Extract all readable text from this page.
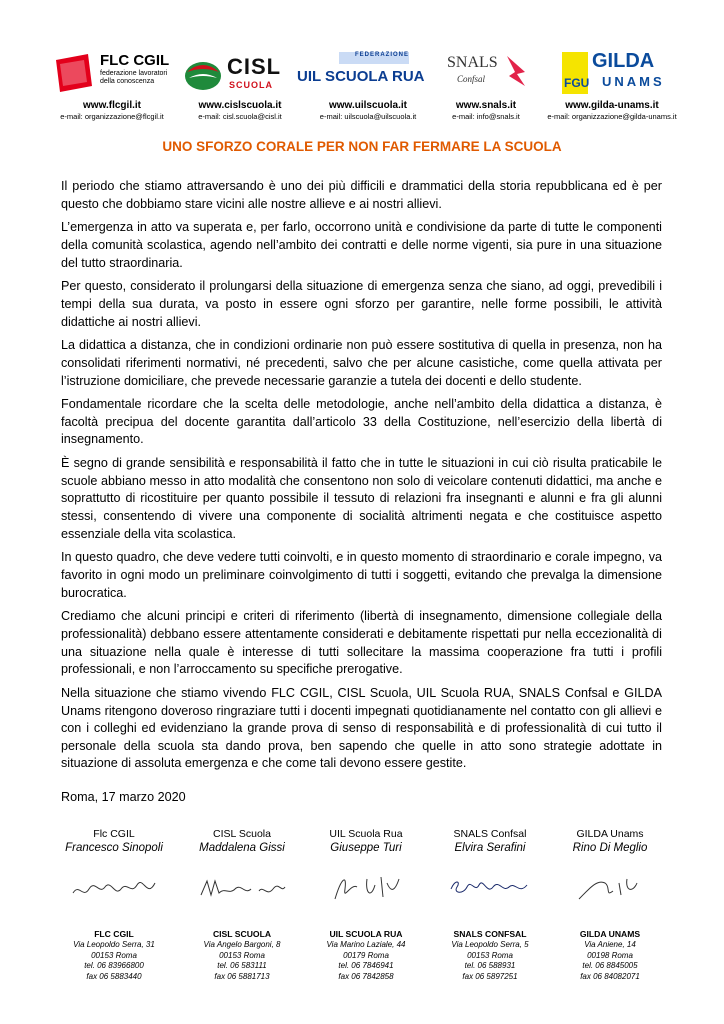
FLC CGIL
federazione lavoratori della conoscenza
CISL
SCUOLA
FEDERAZIONE
UIL SCUOLA RUA
SNALS
Confsal
GILDA
FGU UNAMS
www.flcgil.it
e-mail: organizzazione@flcgil.it
www.cislscuola.it
e-mail: cisl.scuola@cisl.it
www.uilscuola.it
e-mail: uilscuola@uilscuola.it
www.snals.it
e-mail: info@snals.it
www.gilda-unams.it
e-mail: organizzazione@gilda-unams.it
UNO SFORZO CORALE PER NON FAR FERMARE LA SCUOLA

Il periodo che stiamo attraversando è uno dei più difficili e drammatici della storia repubblicana ed è per questo che dobbiamo stare vicini alle nostre allieve e ai nostri allievi.

L’emergenza in atto va superata e, per farlo, occorrono unità e condivisione da parte di tutte le componenti della comunità scolastica, agendo nell’ambito dei contratti e delle norme vigenti, sia pure in una situazione del tutto straordinaria.

Per questo, considerato il prolungarsi della situazione di emergenza senza che siano, ad oggi, prevedibili i tempi della sua durata, va posto in essere ogni sforzo per garantire, nelle forme possibili, le attività didattiche ai nostri allievi.

La didattica a distanza, che in condizioni ordinarie non può essere sostitutiva di quella in presenza, non ha consolidati riferimenti normativi, né precedenti, salvo che per alcune casistiche, come quella attivata per l’istruzione domiciliare, che prevede necessarie garanzie a tutela dei docenti e dello studente.

Fondamentale ricordare che la scelta delle metodologie, anche nell’ambito della didattica a distanza, è facoltà precipua del docente garantita dall’articolo 33 della Costituzione, nell’esercizio della libertà di insegnamento.

È segno di grande sensibilità e responsabilità il fatto che in tutte le situazioni in cui ciò risulta praticabile le scuole abbiano messo in atto modalità che consentono non solo di veicolare contenuti didattici, ma anche e soprattutto di ricostituire per quanto possibile il tessuto di relazioni fra insegnanti e alunni e fra gli alunni stessi, consentendo di vivere una componente di socialità altrimenti negata e che costituisce aspetto essenziale della vita scolastica.

In questo quadro, che deve vedere tutti coinvolti, e in questo momento di straordinario e corale impegno, va favorito in ogni modo un preliminare coinvolgimento di tutti i soggetti, evitando che prevalga la dimensione burocratica.

Crediamo che alcuni principi e criteri di riferimento (libertà di insegnamento, dimensione collegiale della professionalità) debbano essere attentamente considerati e debitamente rispettati pur nella eccezionalità di una situazione nella quale è interesse di tutti sollecitare la massima cooperazione fra tutti i profili professionali, e non l’arroccamento su specifiche prerogative.

Nella situazione che stiamo vivendo FLC CGIL, CISL Scuola, UIL Scuola RUA, SNALS Confsal e GILDA Unams ritengono doveroso ringraziare tutti i docenti impegnati quotidianamente nel contatto con gli allievi e con i colleghi ed evidenziano la grande prova di senso di responsabilità e di professionalità di cui tutto il personale della scuola sta dando prova, ben sapendo che quelle in atto sono strategie adottate in situazione di assoluta emergenza e che come tali devono essere gestite.

Roma, 17 marzo 2020
Flc CGIL
Francesco Sinopoli
FLC CGIL
Via Leopoldo Serra, 31
00153 Roma
tel. 06 83966800
fax 06 5883440
CISL Scuola
Maddalena Gissi
CISL SCUOLA
Via Angelo Bargoni, 8
00153 Roma
tel. 06 583111
fax 06 5881713
UIL Scuola Rua
Giuseppe Turi
UIL SCUOLA RUA
Via Marino Laziale, 44
00179 Roma
tel. 06 7846941
fax 06 7842858
SNALS Confsal
Elvira Serafini
SNALS CONFSAL
Via Leopoldo Serra, 5
00153 Roma
tel. 06 588931
fax 06 5897251
GILDA Unams
Rino Di Meglio
GILDA UNAMS
Via Aniene, 14
00198 Roma
tel. 06 8845005
fax 06 84082071
